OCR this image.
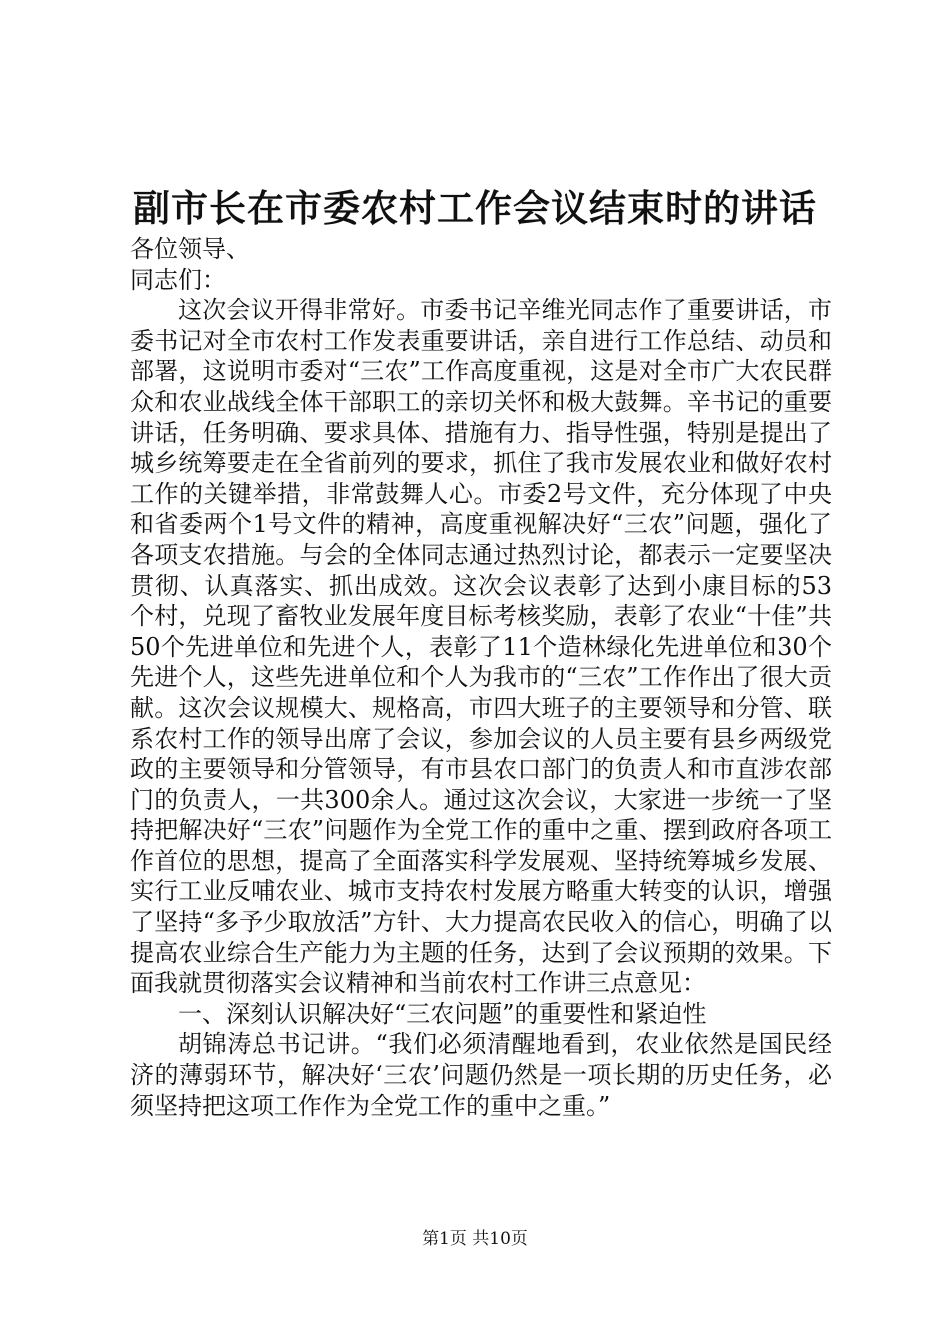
副市长在市委农村工作会议结束时的讲话

各位领导、

同志们：

这次会议开得非常好。市委书记辛维光同志作了重要讲话，市委书记对全市农村工作发表重要讲话，亲自进行工作总结、动员和部署，这说明市委对“三农”工作高度重视，这是对全市广大农民群众和农业战线全体干部职工的亲切关怀和极大鼓舞。辛书记的重要讲话，任务明确、要求具体、措施有力、指导性强，特别是提出了城乡统筹要走在全省前列的要求，抓住了我市发展农业和做好农村工作的关键举措，非常鼓舞人心。市委2号文件，充分体现了中央和省委两个1号文件的精神，高度重视解决好“三农”问题，强化了各项支农措施。与会的全体同志通过热烈讨论，都表示一定要坚决贯彻、认真落实、抓出成效。这次会议表彰了达到小康目标的53个村，兑现了畜牧业发展年度目标考核奖励，表彰了农业“十佳”共50个先进单位和先进个人，表彰了11个造林绿化先进单位和30个先进个人，这些先进单位和个人为我市的“三农”工作作出了很大贡献。这次会议规模大、规格高，市四大班子的主要领导和分管、联系农村工作的领导出席了会议，参加会议的人员主要有县乡两级党政的主要领导和分管领导，有市县农口部门的负责人和市直涉农部门的负责人，一共300余人。通过这次会议，大家进一步统一了坚持把解决好“三农”问题作为全党工作的重中之重、摆到政府各项工作首位的思想，提高了全面落实科学发展观、坚持统筹城乡发展、实行工业反哺农业、城市支持农村发展方略重大转变的认识，增强了坚持“多予少取放活”方针、大力提高农民收入的信心，明确了以提高农业综合生产能力为主题的任务，达到了会议预期的效果。下面我就贯彻落实会议精神和当前农村工作讲三点意见：

一、深刻认识解决好“三农问题”的重要性和紧迫性

胡锦涛总书记讲。“我们必须清醒地看到，农业依然是国民经济的薄弱环节，解决好‘三农’问题仍然是一项长期的历史任务，必须坚持把这项工作作为全党工作的重中之重。”

第1页 共10页
